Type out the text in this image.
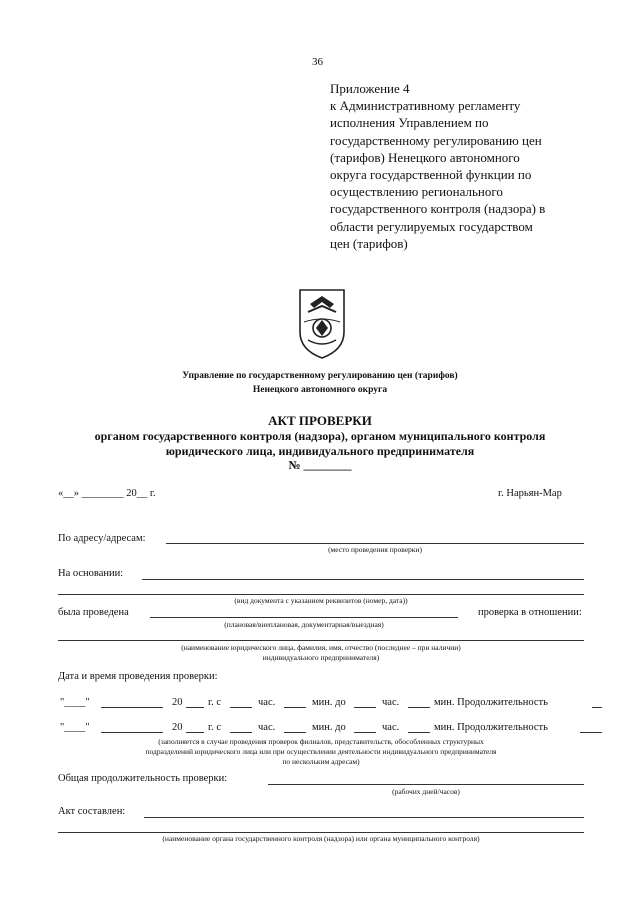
36
Приложение 4
к Административному регламенту
исполнения Управлением по
государственному регулированию цен
(тарифов) Ненецкого автономного
округа государственной функции по
осуществлению регионального
государственного контроля (надзора) в
области регулируемых государством
цен (тарифов)
Управление по государственному регулированию цен (тарифов)
Ненецкого автономного округа
АКТ ПРОВЕРКИ
органом государственного контроля (надзора), органом муниципального контроля
юридического лица, индивидуального предпринимателя
№ ________
«__» ________ 20__ г.	г. Нарьян-Мар
По адресу/адресам:
(место проведения проверки)
На основании:
(вид документа с указанием реквизитов (номер, дата))
была проведена	проверка в отношении:
(плановая/внеплановая, документарная/выездная)
(наименование юридического лица, фамилия, имя, отчество (последнее – при наличии)
индивидуального предпринимателя)
Дата и время проведения проверки:
"____"	20 г. с	час.	мин. до	час.	мин. Продолжительность
"____"	20 г. с	час.	мин. до	час.	мин. Продолжительность
(заполняется в случае проведения проверок филиалов, представительств, обособленных структурных
подразделений юридического лица или при осуществлении деятельности индивидуального предпринимателя
по нескольким адресам)
Общая продолжительность проверки:
(рабочих дней/часов)
Акт составлен:
(наименование органа государственного контроля (надзора) или органа муниципального контроля)
